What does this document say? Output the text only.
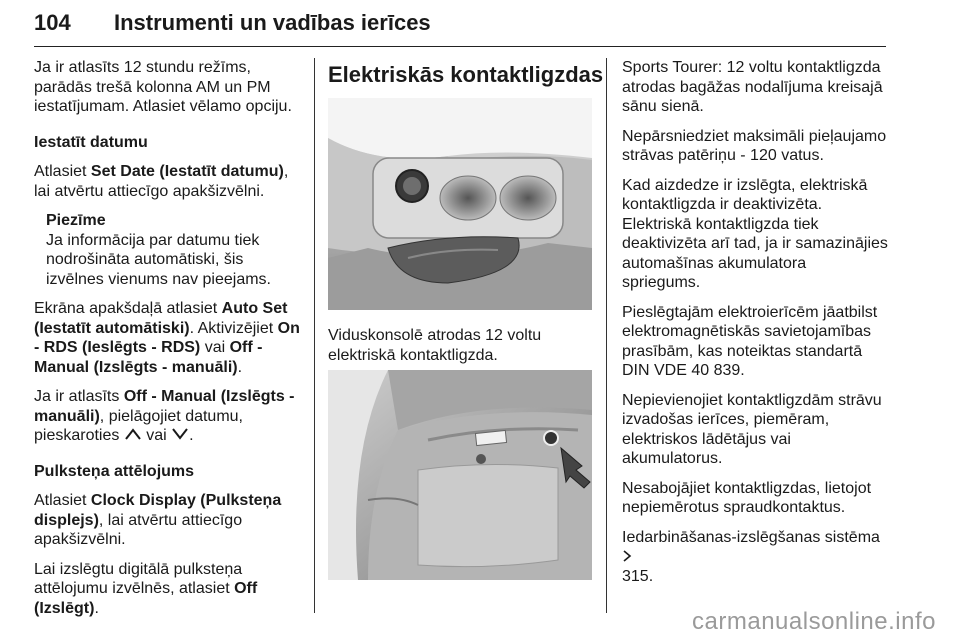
104 Instrumenti un vadības ierīces

Ja ir atlasīts 12 stundu režīms,
parādās trešā kolonna AM un PM
iestatījumam. Atlasiet vēlamo opciju.

Iestatīt datumu

Atlasiet Set Date (Iestatīt datumu), lai atvērtu attiecīgo apakšizvēlni.

Piezīme
Ja informācija par datumu tiek
nodrošināta automātiski, šis
izvēlnes vienums nav pieejams.

Ekrāna apakšdaļā atlasiet Auto Set (Iestatīt automātiski). Aktivizējiet On - RDS (Ieslēgts - RDS) vai Off - Manual (Izslēgts - manuāli).

Ja ir atlasīts Off - Manual (Izslēgts - manuāli), pielāgojiet datumu, pieskaroties  vai .

Pulksteņa attēlojums

Atlasiet Clock Display (Pulksteņa displejs), lai atvērtu attiecīgo apakšizvēlni.

Lai izslēgtu digitālā pulksteņa attēlojumu izvēlnēs, atlasiet Off (Izslēgt).

Elektriskās kontaktligzdas
Viduskonsolē atrodas 12 voltu
elektriskā kontaktligzda.

Sports Tourer: 12 voltu kontaktligzda
atrodas bagāžas nodalījuma kreisajā
sānu sienā.

Nepārsniedziet maksimāli pieļaujamo
strāvas patēriņu - 120 vatus.

Kad aizdedze ir izslēgta, elektriskā
kontaktligzda ir deaktivizēta.
Elektriskā kontaktligzda tiek
deaktivizēta arī tad, ja ir samazinājies
automašīnas akumulatora
spriegums.

Pieslēgtajām elektroierīcēm jāatbilst
elektromagnētiskās savietojamības
prasībām, kas noteiktas standartā
DIN VDE 40 839.

Nepievienojiet kontaktligzdām strāvu
izvadošas ierīces, piemēram,
elektriskos lādētājus vai
akumulatorus.

Nesabojājiet kontaktligzdas, lietojot
nepiemērotus spraudkontaktus.

Iedarbināšanas-izslēgšanas sistēma
315.

carmanualsonline.info
